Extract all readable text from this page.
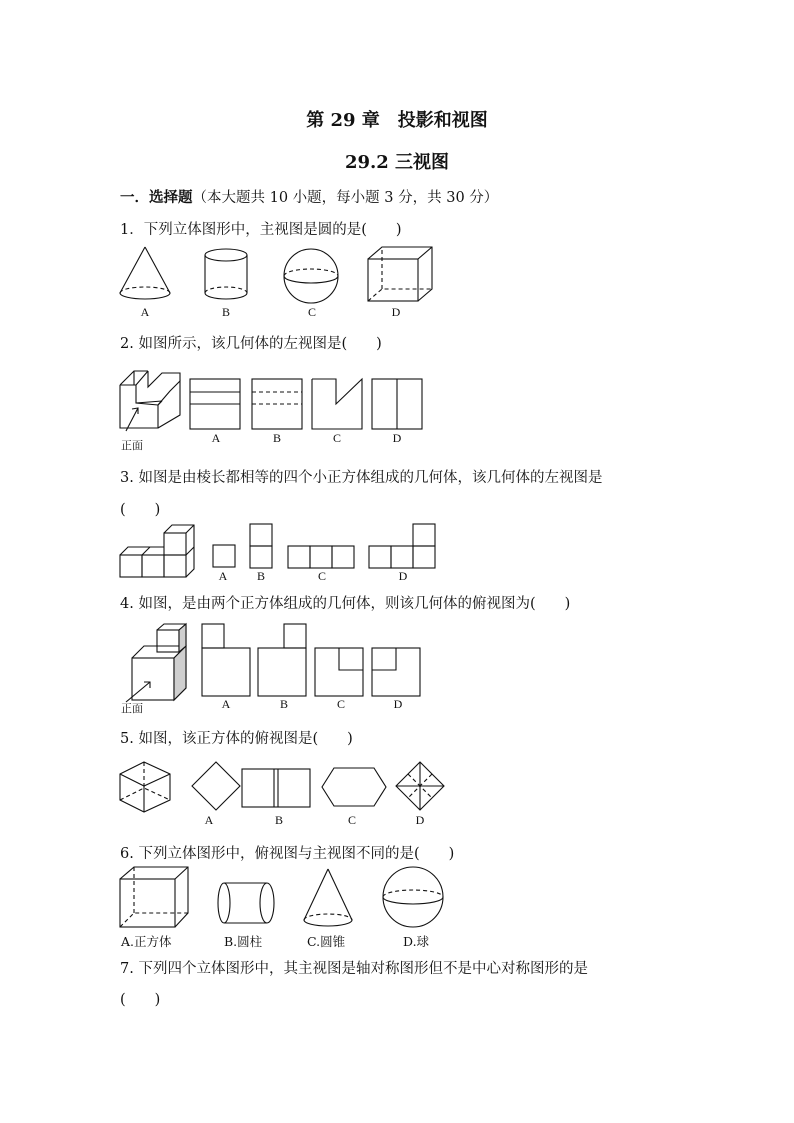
第 29 章　投影和视图
29.2 三视图
一．选择题（本大题共 10 小题，每小题 3 分，共 30 分）
1．下列立体图形中，主视图是圆的是(　　)
A	B	C	D
2. 如图所示，该几何体的左视图是(　　)
正面
A	B	C	D
3. 如图是由棱长都相等的四个小正方体组成的几何体，该几何体的左视图是
(　　)
A	B	C	D
4. 如图，是由两个正方体组成的几何体，则该几何体的俯视图为(　　)
正面	A	B	C	D
5. 如图，该正方体的俯视图是(　　)
A	B	C	D
6. 下列立体图形中，俯视图与主视图不同的是(　　)
A.正方体	B.圆柱	C.圆锥	D.球
7. 下列四个立体图形中，其主视图是轴对称图形但不是中心对称图形的是
(　　)
